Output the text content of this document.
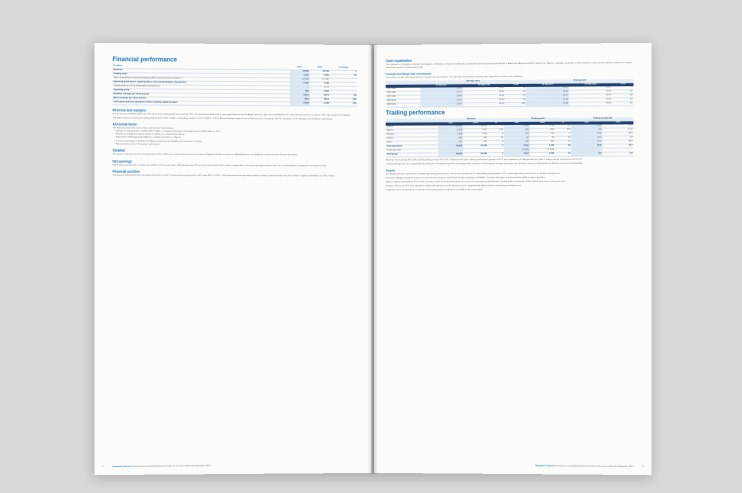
Financial performance
R’million	2017	2016	% change
Revenue	18 822	18 329	3
Trading profit	1 167	1 035	13
Share of profit from associate (trading profit of associate business/other)	(1 054)	(1 148)	
Operating profit before capital profit on sale and breakdown of properties	1 167	1 035	
Capital profit on sale and breakdown of properties	—	1 874	
Operating profit	941	2 909	
Headline earnings per share (cents)	133.8	137.6	(3)
Basic earnings per share (cents)	56.4	253.5	(78)
Cash generated from operations before working capital changes	2 006	2 244	(11)
Revenue and margins

Group revenue of R18.8 billion was 3% above prior trading profit increased by 13%. The group benefited from a strong performance by the Angola division, improved profitability in the retail division and the resolution of the operating loss in Nigeria.

The Nigeria division improved trading profit by 42% to R1.1 billion and trading margin to 18.0% (2016: 13.3%). Ahead trading margins were achieved across the group, with the exception of the Ethiopia and Zimbabwe operations.

Abnormal items

The following abnormal items influenced the 2017 performance:

• Foreign exchange gains in 2016 of R1.5 billion, compared to foreign exchange losses of R91 million in 2017.
• Reduction in Nigeria property values resulting in an impairment charge.
• Impairment of Amalgamated Nigeria's trading operations in Nigeria.
• Currency shortages in Angola and Nigeria impacting the liquidity and movement of funds.
• Restructuring costs in the group's operations.
Taxation

The group's effective tax rate increased from 32% to 38% as a result of the tax losses incurred in Nigeria and the increase in withholding taxes on dividends repatriated from foreign operations.

Net earnings

HEPS decreased by 3% to 133.8 cents (2016: 137.6 cents). Basic EPS declined by 78% to 56.4 cents (2016: 253.5 cents), largely due to the once-off capital profit on the sale and breakdown of properties recorded in 2016.

Financial position

The group's financial position strengthened further in 2017 and net gearing improved to 42% from 48% in 2016. Cash generated from operations before working capital changes was R2.0 billion. Capital expenditure was R1.2 billion.

Hampton Limited Summarised consolidated financial results for the year ended 30 September 2017
2
Cash repatriation

The remittance of foreign exchange from Angola and Nigeria remained challenging. During the year the group repatriated R1.3 billion from Angola and R0.4 billion from Nigeria. Liquidity constraints in both markets remain and the group continues to explore alternative means of repatriating funds.

Foreign exchange rate movements

The group's results were impacted by exchange rate movements. The average and closing exchange rates against the rand are set out below:

	Average rates			Closing rates		
	30 Sep 2017	30 Sep 2016	% ch	30 Sep 2017	30 Sep 2016	% ch
USD:ZAR	13.36	14.97	11	13.57	13.85	2
EUR:ZAR	14.76	16.47	10	16.03	15.53	(3)
GBP:ZAR	16.89	20.91	19	18.17	17.97	(1)
ZAR:AOA	12.22	12.00	(2)	12.22	12.00	(2)
ZAR:NGN	23.19	16.29	(42)	25.06	23.09	(9)
Trading performance
	Revenue			Trading profit			Trading margin (%)	
	2017	2016	%	2017	2016	%	2017	2016
Angola	11 351	10 613	7	2 495	1 966	27	22.0	18.5
Nigeria	4 626	5 187	(11)	166	(61)	372	3.6	(1.2)
Ethiopia	1 168	1 163	0	219	215	2	18.8	18.5
Ghana	840	590	42	84	58	45	10.0	9.8
Other	837	776	8	196	147	33	23.4	18.9
Total operations	18 822	18 329	3	3 160	2 325	36	16.8	12.7
Corporate costs				(1 993)	(1 290)			
Total group	18 822	18 329	3	1 167	1 035	13	6.2	5.6

Revenue increased by 3%, while trading profit grew by 13% to R1.2 billion for the year. Strong performance growth of 27% was reported in the Angola division, with a trading margin improvement to 22.0%.

Trading profit growth was negatively affected by the strengthening of the rand against the currencies of the group's foreign operations. In constant currency, trading profit would have increased substantially.

Angola

The Angola division reported an exceptionally strong performance, with revenue growth of 7% and trading profit growth of 27%, driven by pricing and a focus on margin management.

Demand in Angola remained under pressure from low oil prices and limited foreign exchange availability. Currency shortages constrained the ability to import products.

Nigeria volumes declined by 11% as the economy continued to be affected by the recession and currency devaluation. Trading profit recovered to R166 million from a loss in the prior year.

Ethiopia, Ghana and the other operations delivered improved results during the year, supported by higher volumes and improved efficiencies.

Corporate costs increased as a result of restructuring and once-off items recorded in the current year.

Hampton Limited Summarised consolidated financial results for the year ended 30 September 2017	3
